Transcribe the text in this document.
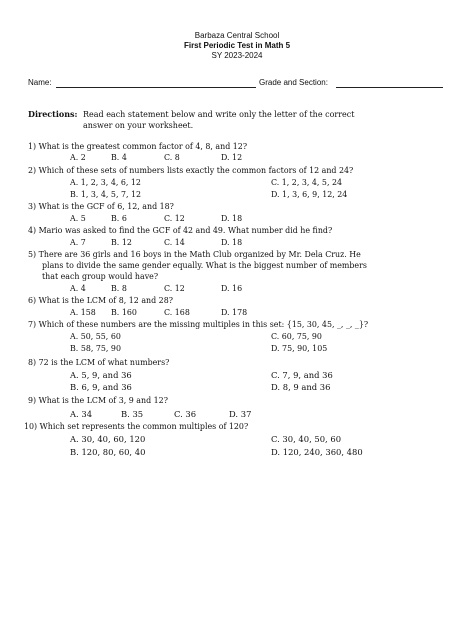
Barbaza Central School
First Periodic Test in Math 5
SY 2023-2024
Name:	Grade and Section:
Directions: Read each statement below and write only the letter of the correct
answer on your worksheet.
1) What is the greatest common factor of 4, 8, and 12?
A. 2	B. 4	C. 8	D. 12
2) Which of these sets of numbers lists exactly the common factors of 12 and 24?
A. 1, 2, 3, 4, 6, 12	C. 1, 2, 3, 4, 5, 24
B. 1, 3, 4, 5, 7, 12	D. 1, 3, 6, 9, 12, 24
3) What is the GCF of 6, 12, and 18?
A. 5	B. 6	C. 12	D. 18
4) Mario was asked to find the GCF of 42 and 49. What number did he find?
A. 7	B. 12	C. 14	D. 18
5) There are 36 girls and 16 boys in the Math Club organized by Mr. Dela Cruz. He
plans to divide the same gender equally. What is the biggest number of members
that each group would have?
A. 4	B. 8	C. 12	D. 16
6) What is the LCM of 8, 12 and 28?
A. 158 B. 160	C. 168	D. 178
7) Which of these numbers are the missing multiples in this set: {15, 30, 45, _, _, _}?
A. 50, 55, 60	C. 60, 75, 90
B. 58, 75, 90	D. 75, 90, 105
8) 72 is the LCM of what numbers?
A. 5, 9, and 36	C. 7, 9, and 36
B. 6, 9, and 36	D. 8, 9 and 36
9) What is the LCM of 3, 9 and 12?
A. 34	B. 35	C. 36	D. 37
10) Which set represents the common multiples of 120?
A. 30, 40, 60, 120	C. 30, 40, 50, 60
B. 120, 80, 60, 40	D. 120, 240, 360, 480
